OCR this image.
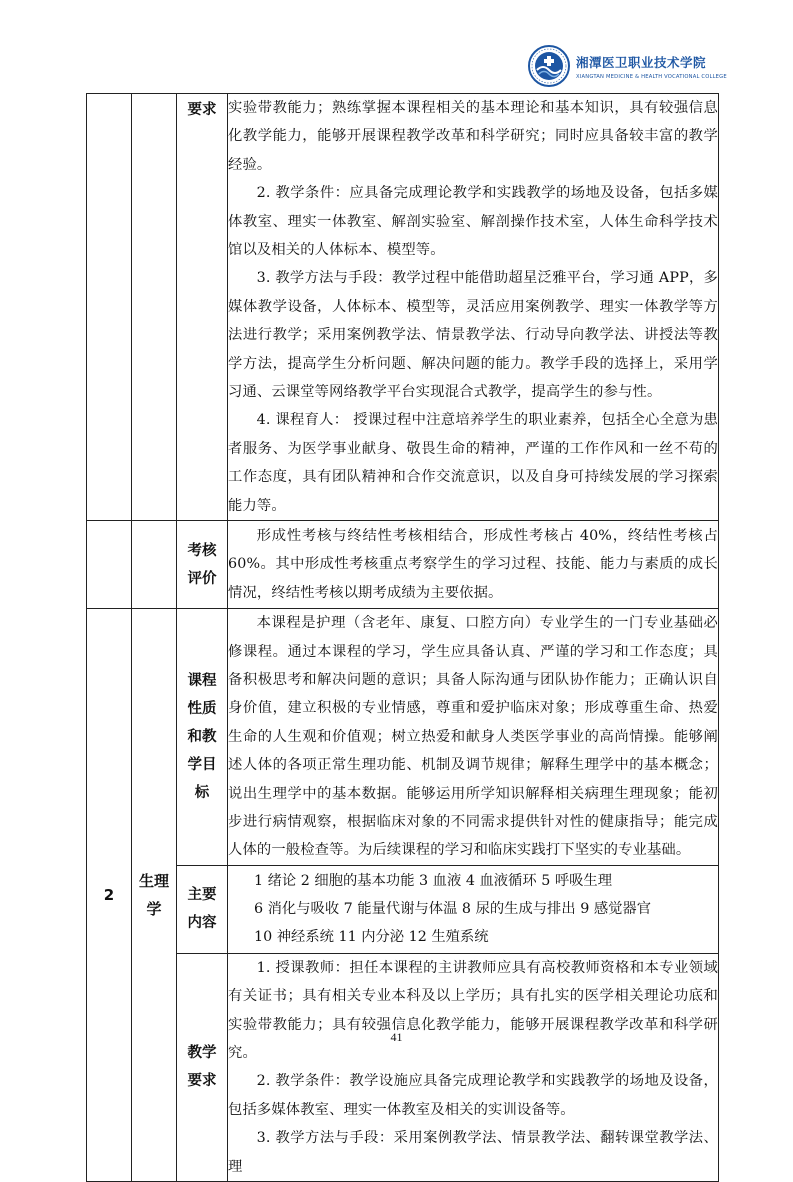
湘潭医卫职业技术学院
XIANGTAN MEDICINE & HEALTH VOCATIONAL COLLEGE
		要求	实验带教能力；熟练掌握本课程相关的基本理论和基本知识，具有较强信息化教学能力，能够开展课程教学改革和科学研究；同时应具备较丰富的教学经验。

2. 教学条件：应具备完成理论教学和实践教学的场地及设备，包括多媒体教室、理实一体教室、解剖实验室、解剖操作技术室，人体生命科学技术馆以及相关的人体标本、模型等。

3. 教学方法与手段：教学过程中能借助超星泛雅平台，学习通 APP，多媒体教学设备，人体标本、模型等，灵活应用案例教学、理实一体教学等方法进行教学；采用案例教学法、情景教学法、行动导向教学法、讲授法等教学方法，提高学生分析问题、解决问题的能力。教学手段的选择上，采用学习通、云课堂等网络教学平台实现混合式教学，提高学生的参与性。

4. 课程育人： 授课过程中注意培养学生的职业素养，包括全心全意为患者服务、为医学事业献身、敬畏生命的精神，严谨的工作作风和一丝不苟的工作态度，具有团队精神和合作交流意识，以及自身可持续发展的学习探索能力等。

		考核评价	形成性考核与终结性考核相结合，形成性考核占 40%，终结性考核占 60%。其中形成性考核重点考察学生的学习过程、技能、能力与素质的成长情况，终结性考核以期考成绩为主要依据。

2	生理学	课程性质和教学目标	本课程是护理（含老年、康复、口腔方向）专业学生的一门专业基础必修课程。通过本课程的学习，学生应具备认真、严谨的学习和工作态度；具备积极思考和解决问题的意识；具备人际沟通与团队协作能力；正确认识自身价值，建立积极的专业情感，尊重和爱护临床对象；形成尊重生命、热爱生命的人生观和价值观；树立热爱和献身人类医学事业的高尚情操。能够阐述人体的各项正常生理功能、机制及调节规律；解释生理学中的基本概念；说出生理学中的基本数据。能够运用所学知识解释相关病理生理现象；能初步进行病情观察，根据临床对象的不同需求提供针对性的健康指导；能完成人体的一般检查等。为后续课程的学习和临床实践打下坚实的专业基础。

		主要内容	1 绪论 2 细胞的基本功能 3 血液 4 血液循环 5 呼吸生理
6 消化与吸收 7 能量代谢与体温 8 尿的生成与排出 9 感觉器官
10 神经系统 11 内分泌 12 生殖系统

		教学要求	1. 授课教师：担任本课程的主讲教师应具有高校教师资格和本专业领域有关证书；具有相关专业本科及以上学历；具有扎实的医学相关理论功底和实验带教能力；具有较强信息化教学能力，能够开展课程教学改革和科学研究。

2. 教学条件：教学设施应具备完成理论教学和实践教学的场地及设备，包括多媒体教室、理实一体教室及相关的实训设备等。

3. 教学方法与手段：采用案例教学法、情景教学法、翻转课堂教学法、理

41
